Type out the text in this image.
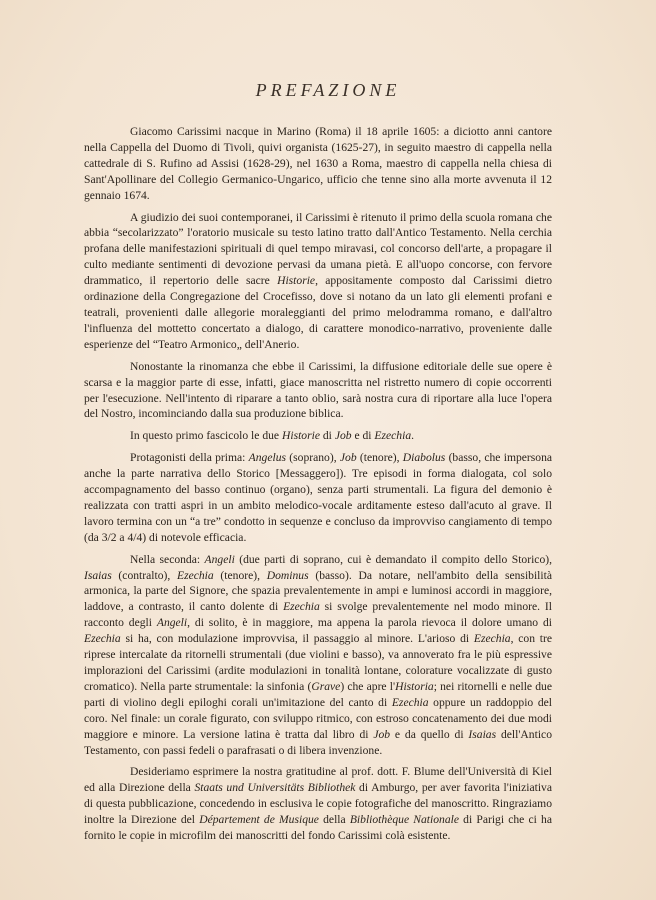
PREFAZIONE

Giacomo Carissimi nacque in Marino (Roma) il 18 aprile 1605: a diciotto anni cantore nella Cappella del Duomo di Tivoli, quivi organista (1625-27), in seguito maestro di cappella nella cattedrale di S. Rufino ad Assisi (1628-29), nel 1630 a Roma, maestro di cappella nella chiesa di Sant'Apollinare del Collegio Germanico-Ungarico, ufficio che tenne sino alla morte avvenuta il 12 gennaio 1674.

A giudizio dei suoi contemporanei, il Carissimi è ritenuto il primo della scuola romana che abbia “secolarizzato” l'oratorio musicale su testo latino tratto dall'Antico Testamento. Nella cerchia profana delle manifestazioni spirituali di quel tempo miravasi, col concorso dell'arte, a propagare il culto mediante sentimenti di devozione pervasi da umana pietà. E all'uopo concorse, con fervore drammatico, il repertorio delle sacre Historie, appositamente composto dal Carissimi dietro ordinazione della Congregazione del Crocefisso, dove si notano da un lato gli elementi profani e teatrali, provenienti dalle allegorie moraleggianti del primo melodramma romano, e dall'altro l'influenza del mottetto concertato a dialogo, di carattere monodico-narrativo, proveniente dalle esperienze del “Teatro Armonico„ dell'Anerio.

Nonostante la rinomanza che ebbe il Carissimi, la diffusione editoriale delle sue opere è scarsa e la maggior parte di esse, infatti, giace manoscritta nel ristretto numero di copie occorrenti per l'esecuzione. Nell'intento di riparare a tanto oblio, sarà nostra cura di riportare alla luce l'opera del Nostro, incominciando dalla sua produzione biblica.

In questo primo fascicolo le due Historie di Job e di Ezechia.

Protagonisti della prima: Angelus (soprano), Job (tenore), Diabolus (basso, che impersona anche la parte narrativa dello Storico [Messaggero]). Tre episodi in forma dialogata, col solo accompagnamento del basso continuo (organo), senza parti strumentali. La figura del demonio è realizzata con tratti aspri in un ambito melodico-vocale arditamente esteso dall'acuto al grave. Il lavoro termina con un “a tre” condotto in sequenze e concluso da improvviso cangiamento di tempo (da 3/2 a 4/4) di notevole efficacia.

Nella seconda: Angeli (due parti di soprano, cui è demandato il compito dello Storico), Isaias (contralto), Ezechia (tenore), Dominus (basso). Da notare, nell'ambito della sensibilità armonica, la parte del Signore, che spazia prevalentemente in ampi e luminosi accordi in maggiore, laddove, a contrasto, il canto dolente di Ezechia si svolge prevalentemente nel modo minore. Il racconto degli Angeli, di solito, è in maggiore, ma appena la parola rievoca il dolore umano di Ezechia si ha, con modulazione improvvisa, il passaggio al minore. L'arioso di Ezechia, con tre riprese intercalate da ritornelli strumentali (due violini e basso), va annoverato fra le più espressive implorazioni del Carissimi (ardite modulazioni in tonalità lontane, colorature vocalizzate di gusto cromatico). Nella parte strumentale: la sinfonia (Grave) che apre l'Historia; nei ritornelli e nelle due parti di violino degli epiloghi corali un'imitazione del canto di Ezechia oppure un raddoppio del coro. Nel finale: un corale figurato, con sviluppo ritmico, con estroso concatenamento dei due modi maggiore e minore. La versione latina è tratta dal libro di Job e da quello di Isaias dell'Antico Testamento, con passi fedeli o parafrasati o di libera invenzione.

Desideriamo esprimere la nostra gratitudine al prof. dott. F. Blume dell'Università di Kiel ed alla Direzione della Staats und Universitäts Bibliothek di Amburgo, per aver favorita l'iniziativa di questa pubblicazione, concedendo in esclusiva le copie fotografiche del manoscritto. Ringraziamo inoltre la Direzione del Département de Musique della Bibliothèque Nationale di Parigi che ci ha fornito le copie in microfilm dei manoscritti del fondo Carissimi colà esistente.
